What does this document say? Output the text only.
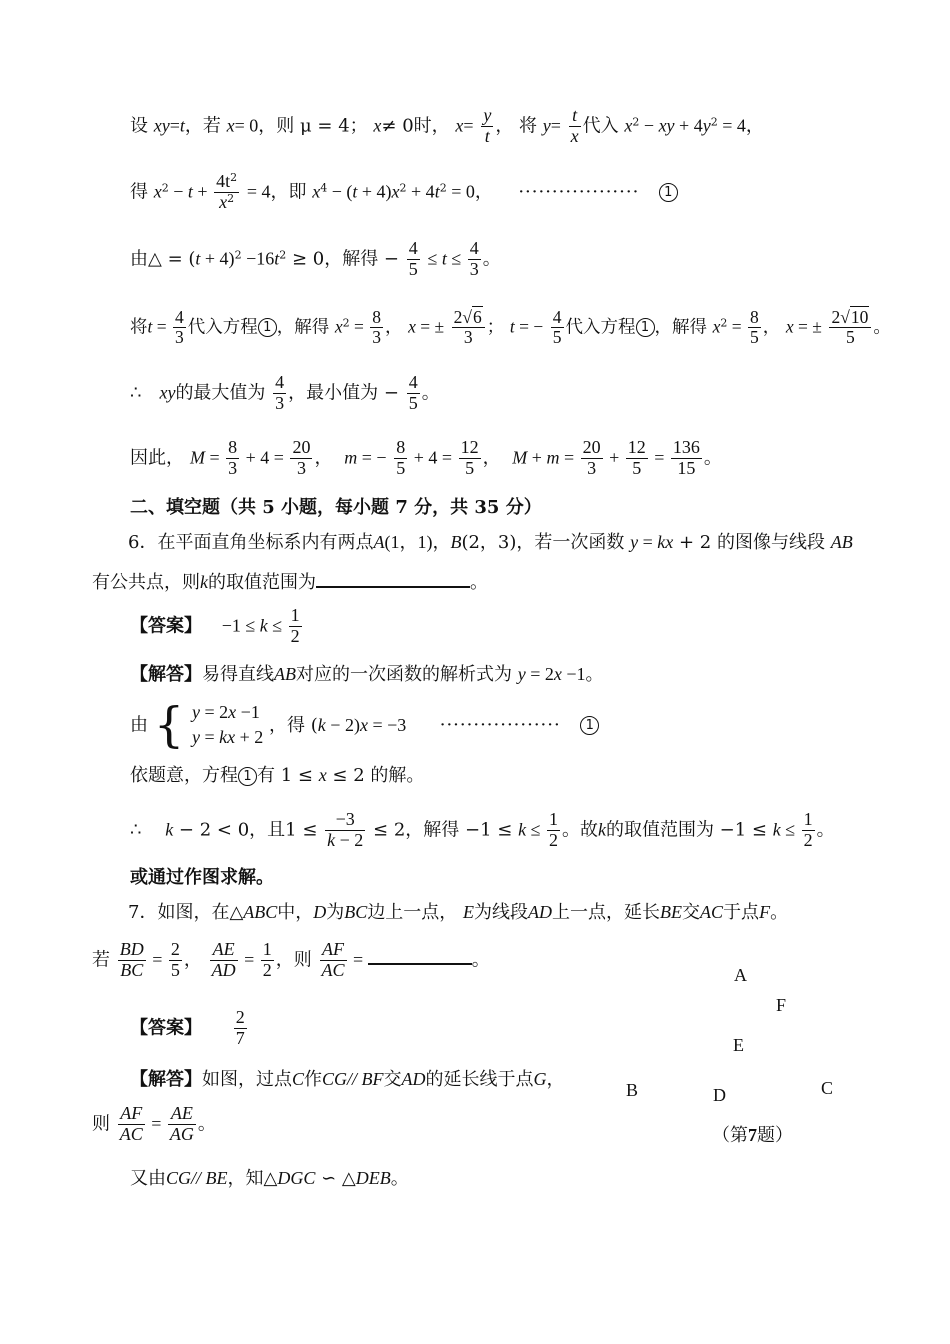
设 xy=t，若 x= 0，则 μ = 4； x≠ 0时， $x= \frac{y}{t}$ ， 将 $y= \frac{t}{x}$ 代入 $x^2$ − xy + $4y^2 = 4$，
得 $x^2 - t + \frac{4t^2}{x^2} = 4$，即 $x^4 - (t + 4)x^2 + 4t^2 = 0$， ·················· 1
由△ = $(t + 4)^2 -16t^2 \ge 0$，解得 − $\frac{4}{5} \le t \le \frac{4}{3}$ 。
将$t = \frac{4}{3}$ 代入方程 1 ，解得 $x^2 = \frac{8}{3}$ ， x = ± $\frac{2√6}{3}$ ； t = − $\frac{4}{5}$ 代入方程 1 ，解得 $x^2 = \frac{8}{5}$ ， x = ± $\frac{2√10}{5}$ 。
∴ xy的最大值为 $\frac{4}{3}$ ，最小值为 − $\frac{4}{5}$ 。
因此， $M = \frac{8}{3} + 4 = \frac{20}{3}$ ， m = − $\frac{8}{5} + 4 = \frac{12}{5}$ ， $M + m = \frac{20}{3} + \frac{12}{5} = \frac{136}{15}$ 。
二、填空题（共 5 小题，每小题 7 分，共 35 分）
6．在平面直角坐标系内有两点A(1，1)，B(2，3)，若一次函数 y = kx + 2 的图像与线段 AB
有公共点，则k的取值范围为	。
【答案】 $-1 \le k \le \frac{1}{2}$
【解答】易得直线AB对应的一次函数的解析式为 y = 2x −1。
由 { y = 2x −1
y = kx + 2
，得 (k − 2)x = −3 ·················· 1
依题意，方程 1 有 1 ≤ x ≤ 2 的解。
∴ k − 2 < 0，且$1 \le \frac{-3}{k - 2} \le 2$，解得 $-1 \le k \le \frac{1}{2}$ 。故k的取值范围为 $-1 \le k \le \frac{1}{2}$ 。
或通过作图求解。
7．如图，在△ABC中，D为BC边上一点， E为线段AD上一点，延长BE交AC于点F。
若 $\frac{BD}{BC} = \frac{2}{5}$ ， $\frac{AE}{AD} = \frac{1}{2}$ ，则 $\frac{AF}{AC}$ =	。
【答案】 $\frac{2}{7}$
【解答】如图，过点C作CG// BF交AD的延长线于点G，
则 $\frac{AF}{AC} = \frac{AE}{AG}$ 。
又由CG// BE，知△DGC ∽ △DEB。
A
F
E
B	D	C
（第7题）
